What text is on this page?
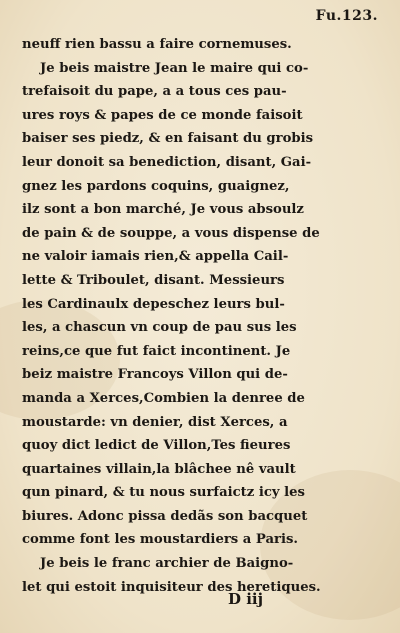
Fu.123.
neuff rien bassu a faire cornemuses.
Je beis maistre Jean le maire qui co-
trefaisoit du pape, a a tous ces pau-
ures roys & papes de ce monde faisoit
baiser ses piedz, & en faisant du grobis
leur donoit sa benediction, disant, Gai-
gnez les pardons coquins, guaignez,
ilz sont a bon marché, Je vous absoulz
de pain & de souppe, a vous dispense de
ne valoir iamais rien,& appella Cail-
lette & Triboulet, disant. Messieurs
les Cardinaulx depeschez leurs bul-
les, a chascun vn coup de pau sus les
reins,ce que fut faict incontinent. Je
beiz maistre Francoys Villon qui de-
manda a Xerces,Combien la denree de
moustarde: vn denier, dist Xerces, a
quoy dict ledict de Villon,Tes fieures
quartaines villain,la blâchee nê vault
qun pinard, & tu nous surfaictz icy les
biures. Adonc pissa dedãs son bacquet
comme font les moustardiers a Paris.
Je beis le franc archier de Baigno-
let qui estoit inquisiteur des heretiques.
D iij
